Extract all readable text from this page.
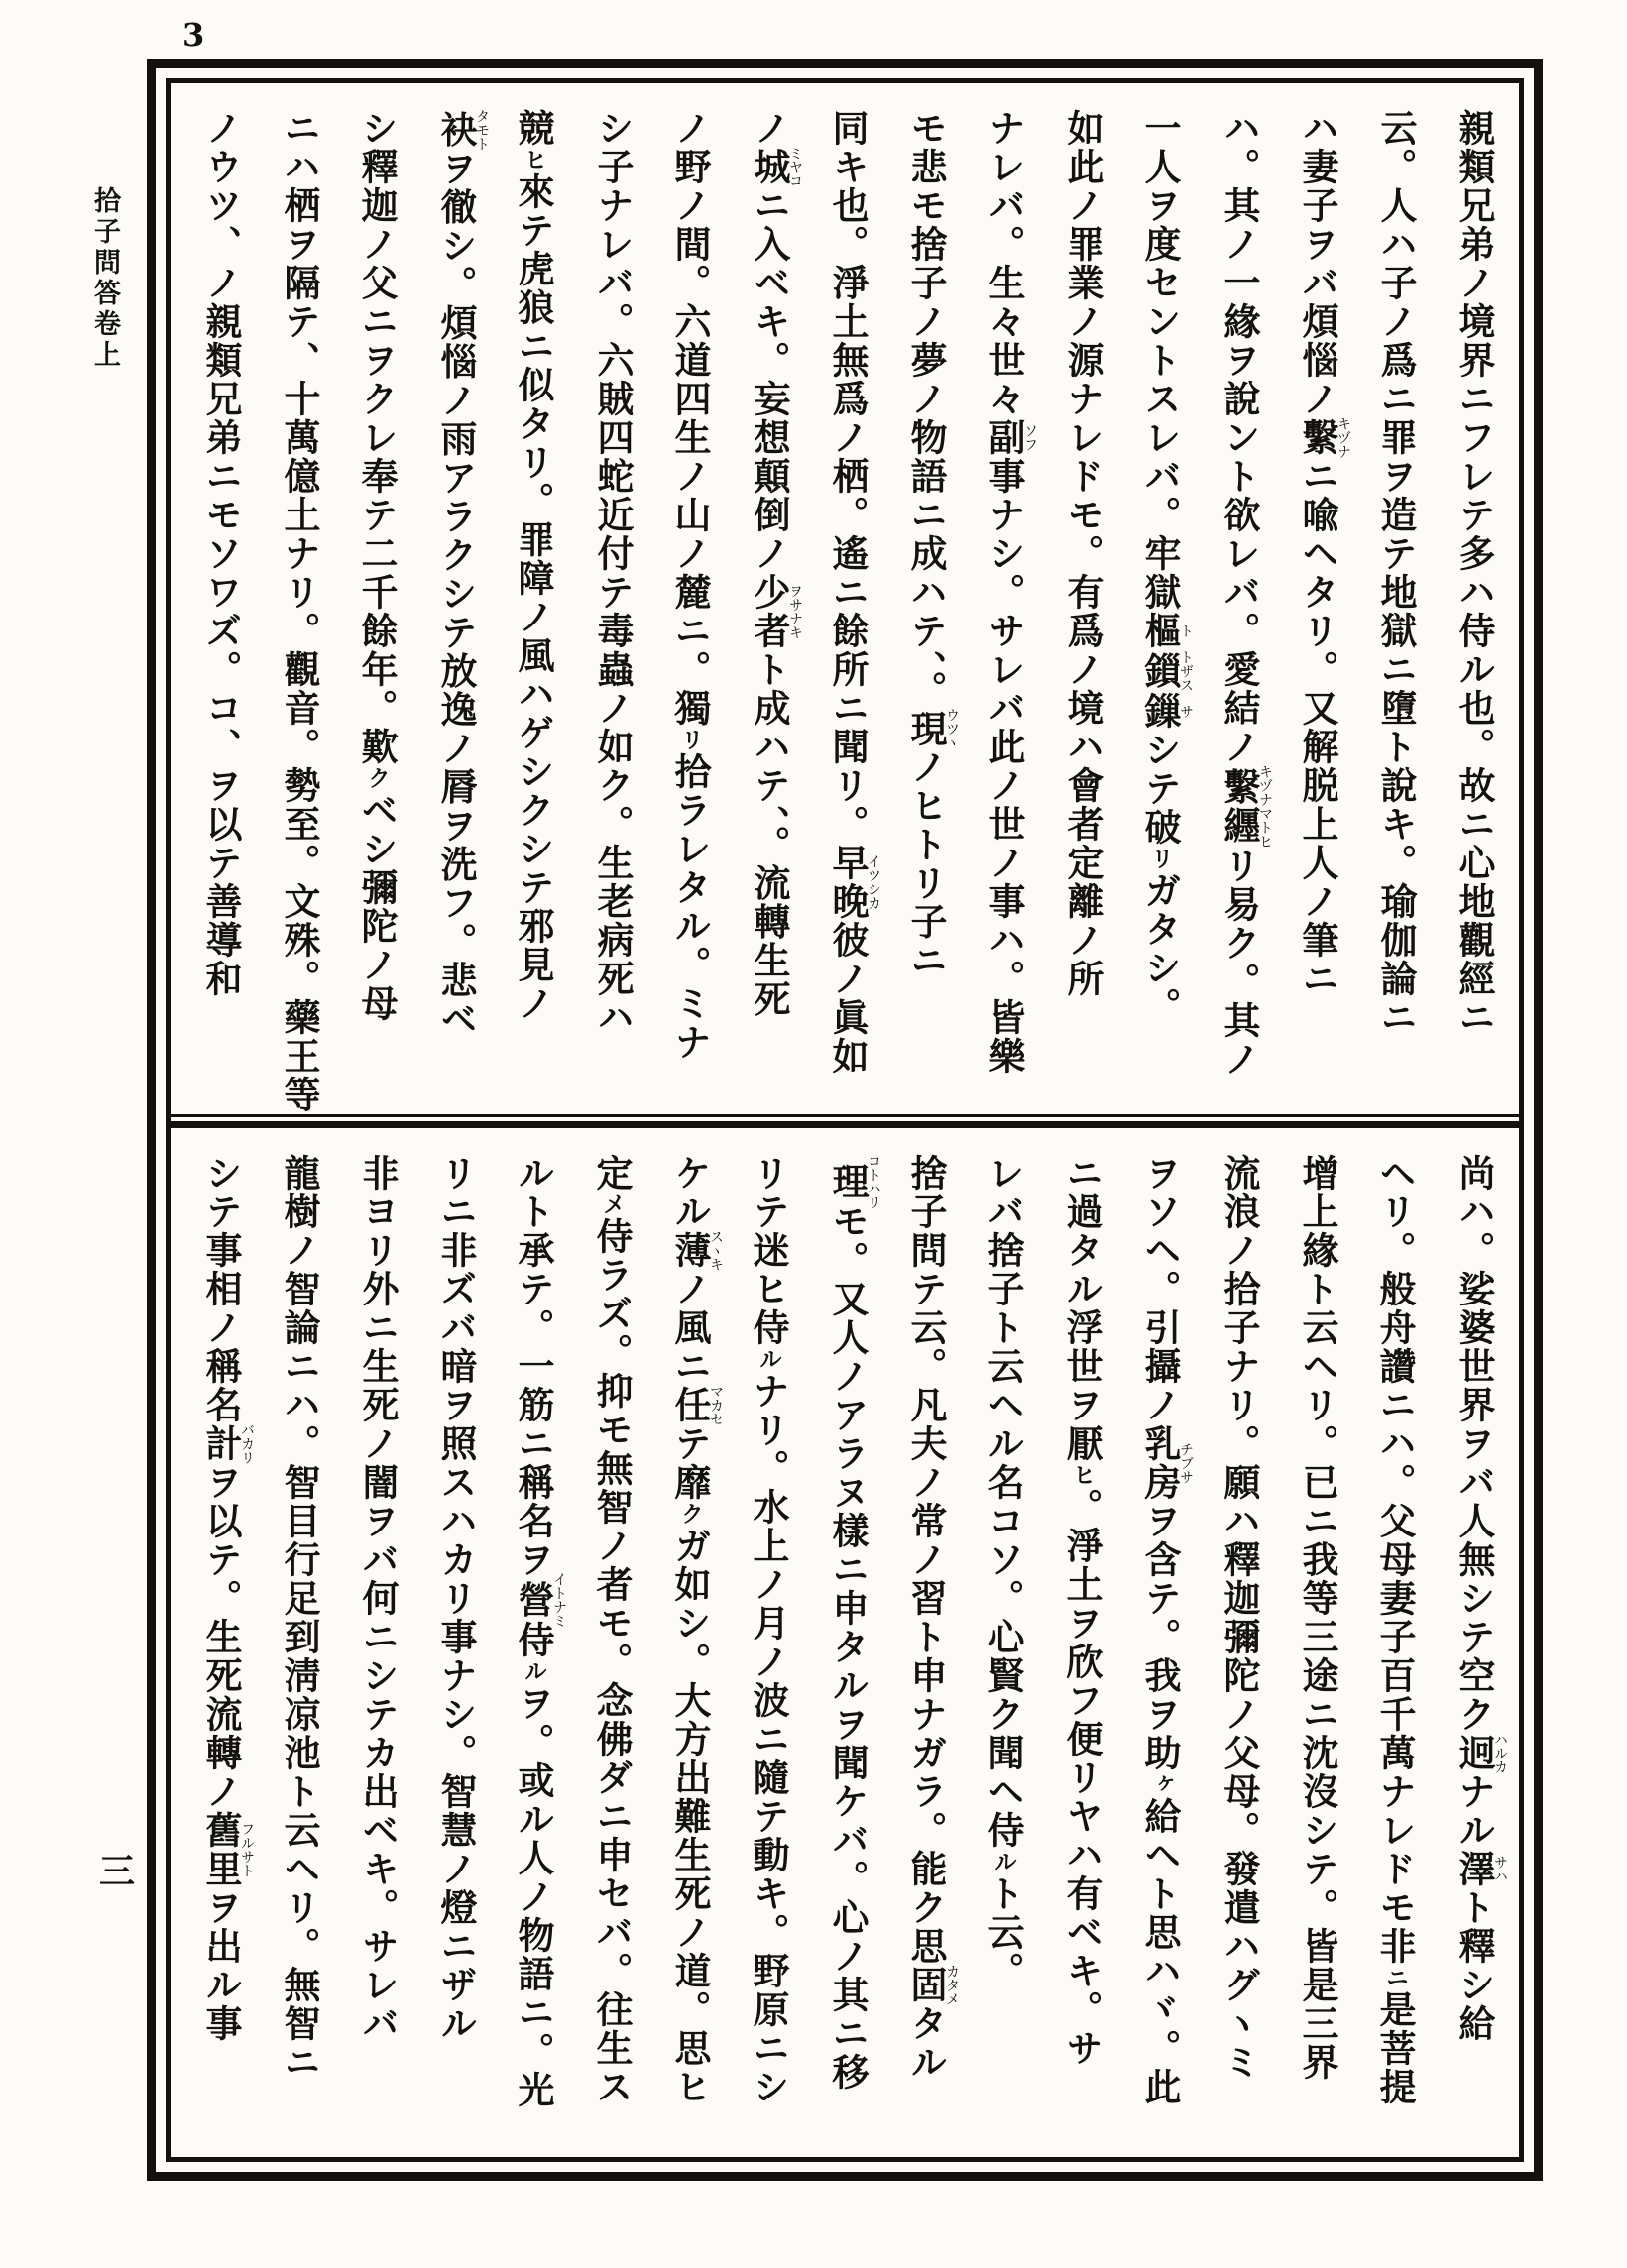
3
拾子問答卷上
三
親類兄弟ノ境界ニフレテ多ハ侍ル也。故ニ心地觀經ニ
云。人ハ子ノ爲ニ罪ヲ造テ地獄ニ墮ト說キ。瑜伽論ニ
ハ妻子ヲバ煩惱ノ繫キヅナニ喩ヘタリ。又解脱上人ノ筆ニ
ハ。其ノ一緣ヲ說ント欲レバ。愛結ノ繫纒キヅナマトヒリ易ク。其ノ
一人ヲ度セントスレバ。牢獄樞ト鎻トザス鏁サシテ破リガタシ。
如此ノ罪業ノ源ナレドモ。有爲ノ境ハ會者定離ノ所
ナレバ。生々世々副ソフ事ナシ。サレバ此ノ世ノ事ハ。皆樂
モ悲モ捨子ノ夢ノ物語ニ成ハテ、。現ウツヽノヒトリ子ニ
同キ也。淨土無爲ノ栖。遙ニ餘所ニ聞リ。早晚イツシカ彼ノ眞如
ノ城ミヤコニ入ベキ。妄想顛倒ノ少者ヲサナキト成ハテ、。流轉生死
ノ野ノ間。六道四生ノ山ノ麓ニ。獨リ拾ラレタル。ミナ
シ子ナレバ。六賊四蛇近付テ毒蟲ノ如ク。生老病死ハ
競ヒ來テ虎狼ニ似タリ。罪障ノ風ハゲシクシテ邪見ノ
袂タモトヲ徹シ。煩惱ノ雨アラクシテ放逸ノ脣ヲ洗フ。悲ベ
シ釋迦ノ父ニヲクレ奉テ二千餘年。歎クベシ彌陀ノ母
ニハ栖ヲ隔テ、十萬億土ナリ。觀音。勢至。文殊。藥王等
ノウツ、ノ親類兄弟ニモソワズ。コ、ヲ以テ善導和
尚ハ。娑婆世界ヲバ人無シテ空ク迥ハルカナル澤サハト釋シ給
ヘリ。般舟讚ニハ。父母妻子百千萬ナレドモ非ニ是菩提
增上緣ト云ヘリ。已ニ我等三途ニ沈沒シテ。皆是三界
流浪ノ拾子ナリ。願ハ釋迦彌陀ノ父母。發遣ハグヽミ
ヲソヘ。引攝ノ乳房チブサヲ含テ。我ヲ助ヶ給ヘト思ハヾ。此
ニ過タル浮世ヲ厭ヒ。淨土ヲ欣フ便リヤハ有ベキ。サ
レバ捨子ト云ヘル名コソ。心賢ク聞ヘ侍ルト云。
捨子問テ云。凡夫ノ常ノ習ト申ナガラ。能ク思固カタメタル
理コトハリモ。又人ノアラヌ樣ニ申タルヲ聞ケバ。心ノ其ニ移
リテ迷ヒ侍ルナリ。水上ノ月ノ波ニ隨テ動キ。野原ニシ
ケル薄スヽキノ風ニ任マカセテ靡クガ如シ。大方出難生死ノ道。思ヒ
定メ侍ラズ。抑モ無智ノ者モ。念佛ダニ申セバ。往生ス
ルト承テ。一筋ニ稱名ヲ營イトナミ侍ルヲ。或ル人ノ物語ニ。光
リニ非ズバ暗ヲ照スハカリ事ナシ。智慧ノ燈ニザル
非ヨリ外ニ生死ノ闇ヲバ何ニシテカ出ベキ。サレバ
龍樹ノ智論ニハ。智目行足到淸凉池ト云ヘリ。無智ニ
シテ事相ノ稱名計バカリヲ以テ。生死流轉ノ舊里フルサトヲ出ル事
